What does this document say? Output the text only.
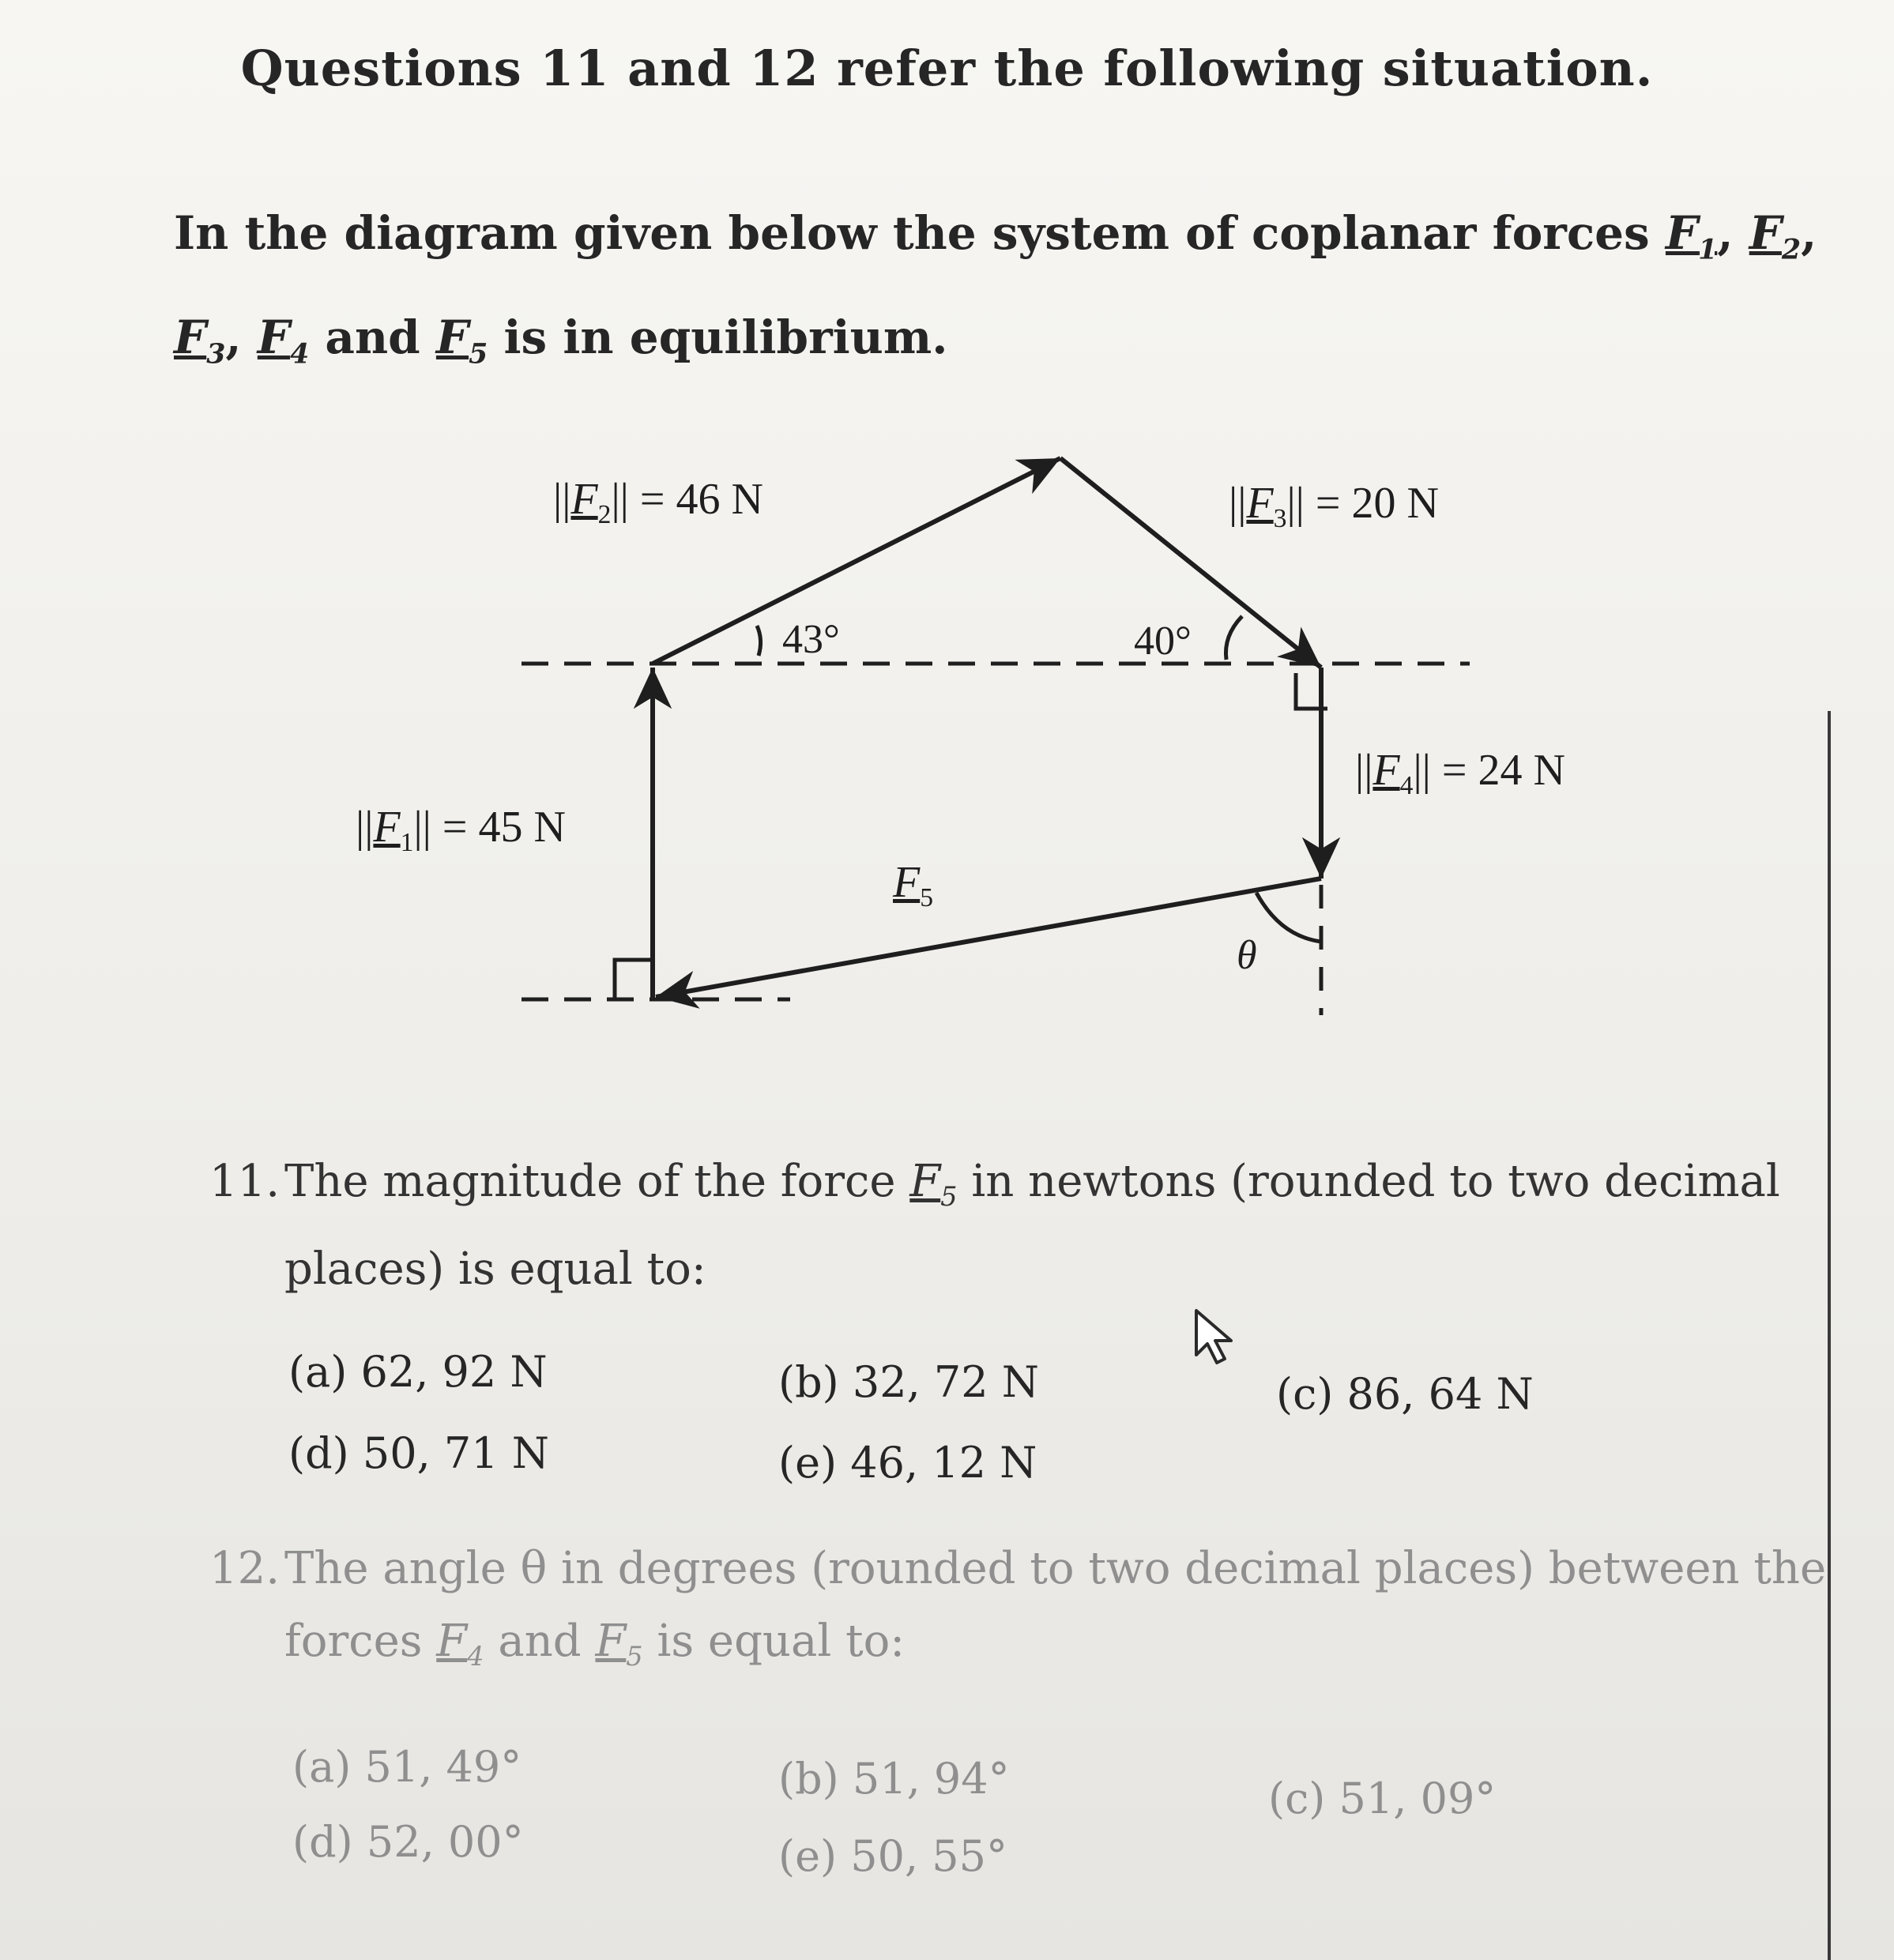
Questions 11 and 12 refer the following situation.
In the diagram given below the system of coplanar forces $F_1$, $F_2$, $F_3$, $F_4$ and $F_5$ is in equilibrium.
$||F_2|| = 46$ N	$||F_3|| = 20$ N
$||F_4|| = 24$ N
$||F_1|| = 45$ N
$F_5$
43°	40°
θ
11. The magnitude of the force $F_5$ in newtons (rounded to two decimal places) is equal to:
(a) 62, 92 N	(b) 32, 72 N	(c) 86, 64 N
(d) 50, 71 N	(e) 46, 12 N
12. The angle θ in degrees (rounded to two decimal places) between the forces $F_4$ and $F_5$ is equal to:
(a) 51, 49°	(b) 51, 94°	(c) 51, 09°
(d) 52, 00°	(e) 50, 55°
